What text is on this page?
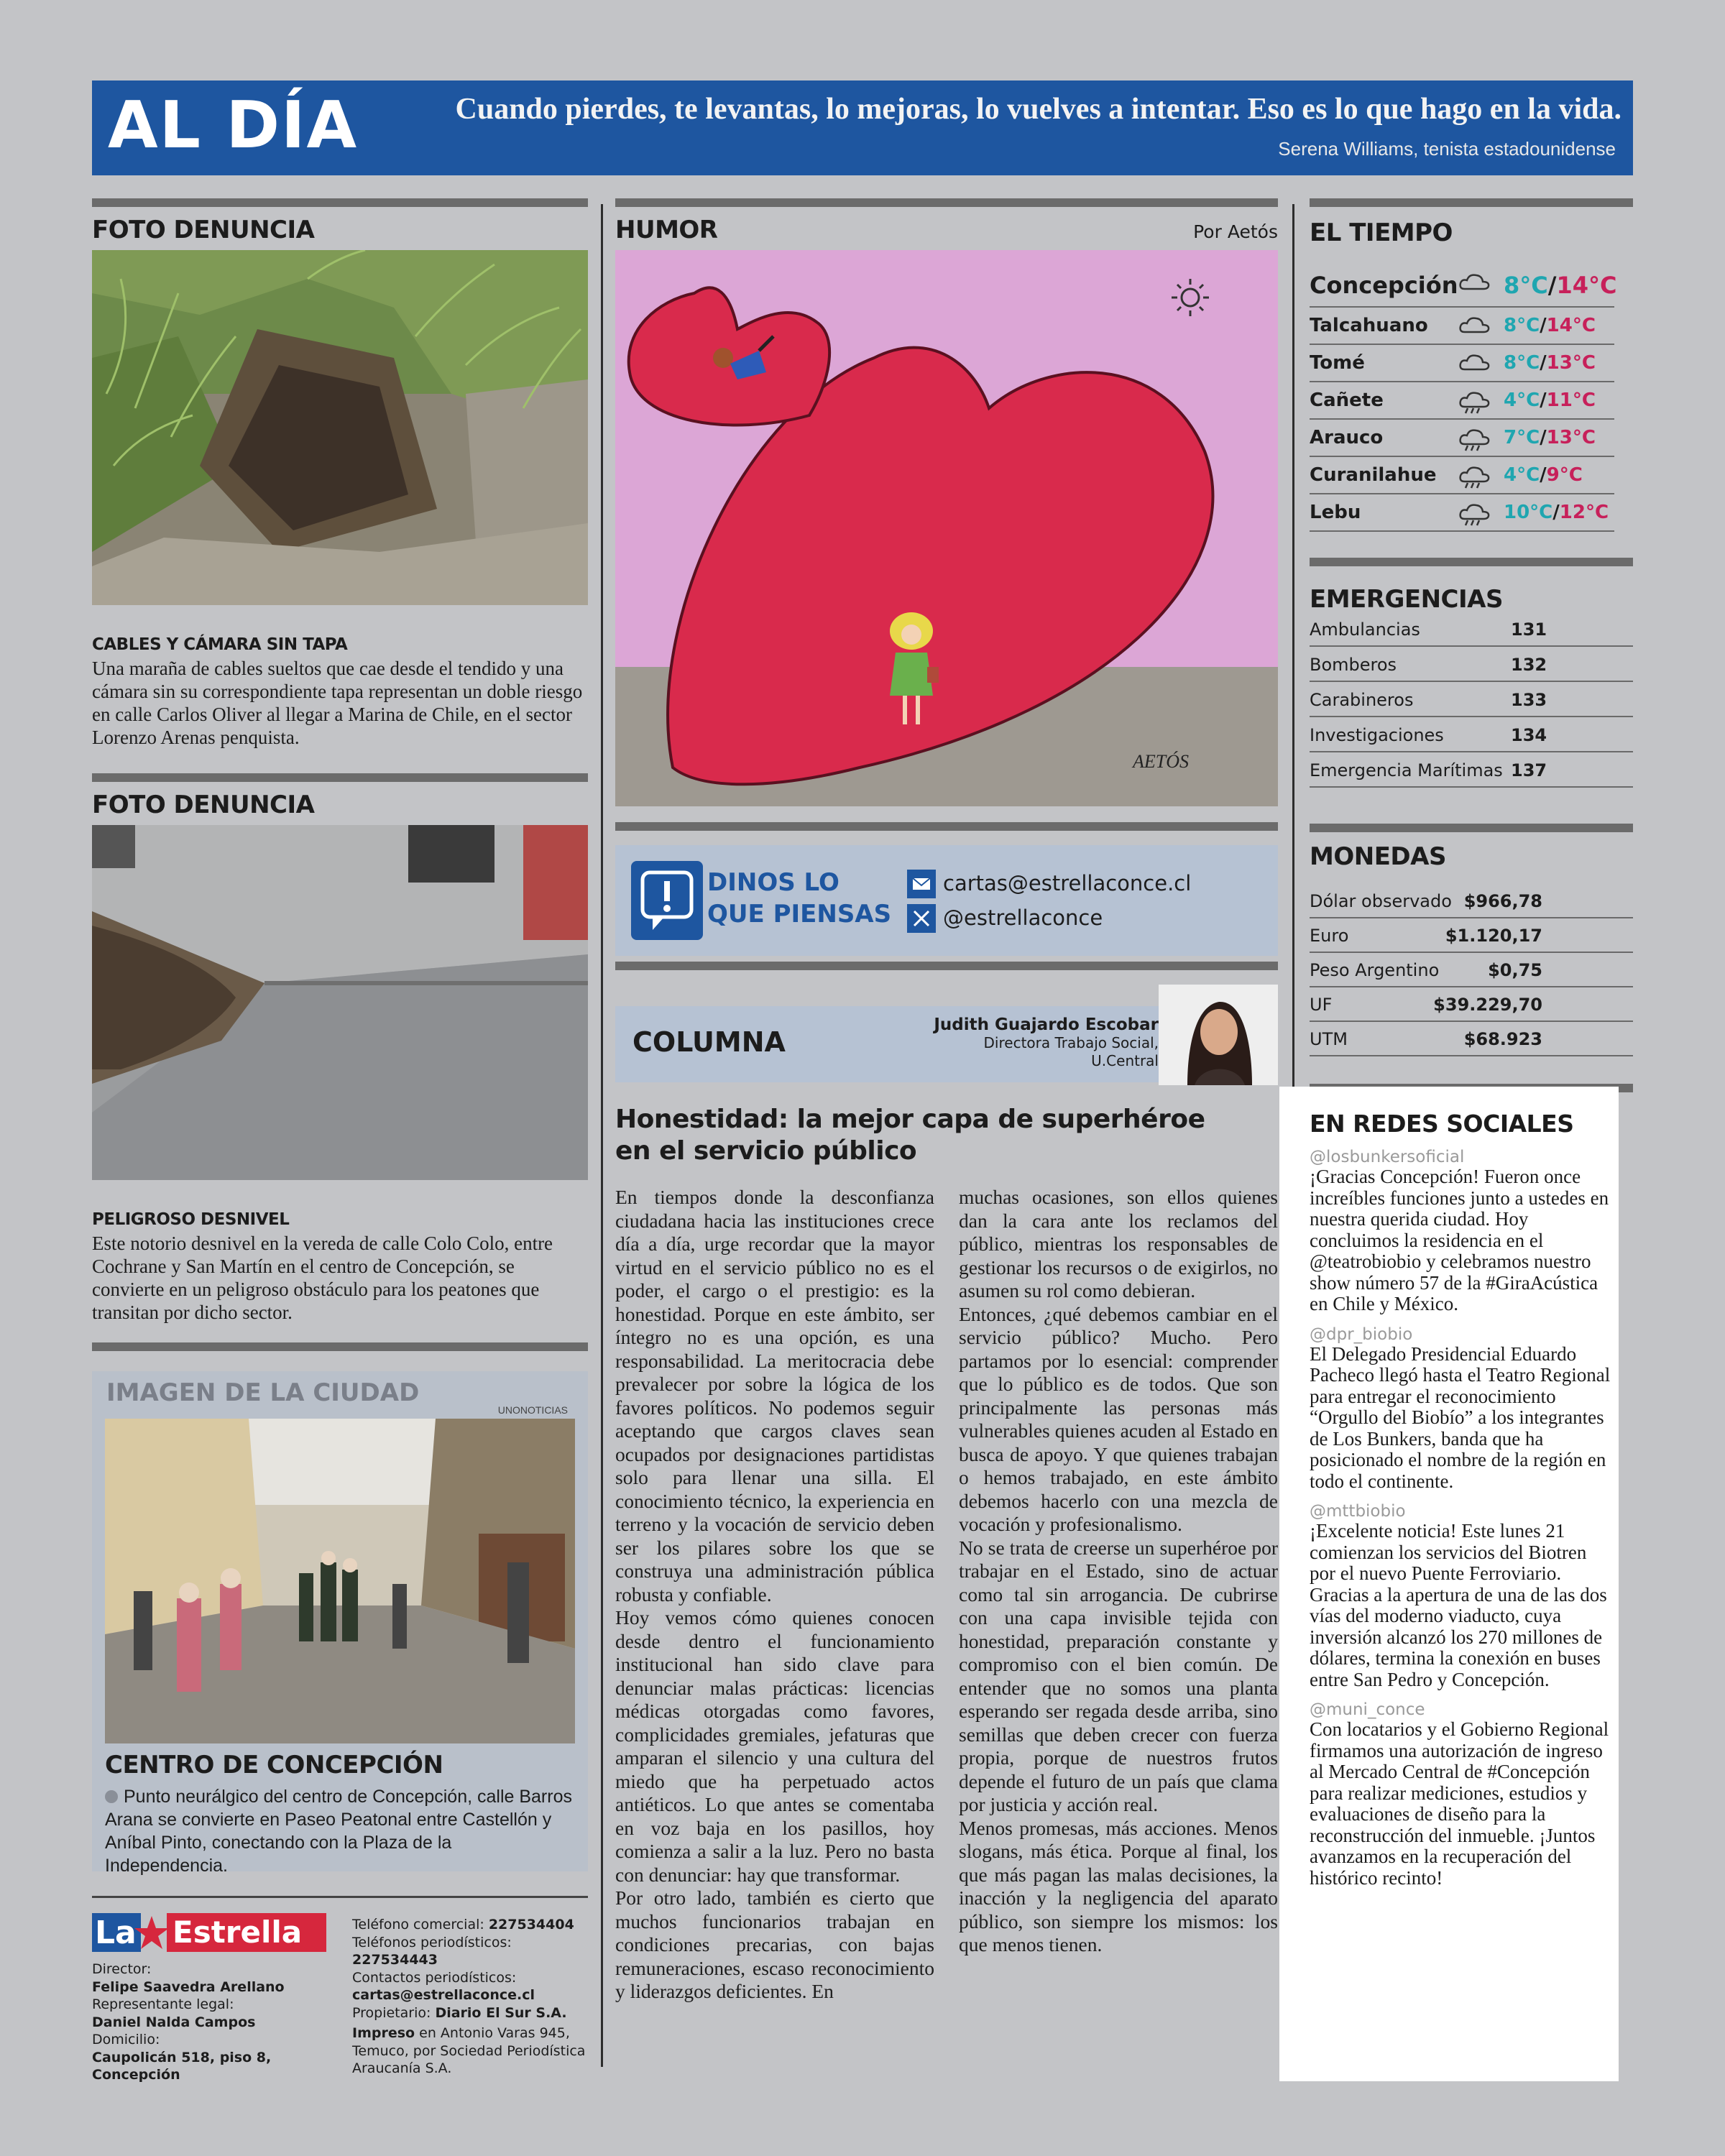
AL DÍA	Cuando pierdes, te levantas, lo mejoras, lo vuelves a intentar. Eso es lo que hago en la vida.
Serena Williams, tenista estadounidense
FOTO DENUNCIA
CABLES Y CÁMARA SIN TAPA
Una maraña de cables sueltos que cae desde el tendido y una cámara sin su correspondiente tapa representan un doble riesgo en calle Carlos Oliver al llegar a Marina de Chile, en el sector Lorenzo Arenas penquista.
FOTO DENUNCIA
PELIGROSO DESNIVEL
Este notorio desnivel en la vereda de calle Colo Colo, entre Cochrane y San Martín en el centro de Concepción, se convierte en un peligroso obstáculo para los peatones que transitan por dicho sector.
IMAGEN DE LA CIUDAD
UNONOTICIAS
CENTRO DE CONCEPCIÓN
Punto neurálgico del centro de Concepción, calle Barros Arana se convierte en Paseo Peatonal entre Castellón y Aníbal Pinto, conectando con la Plaza de la Independencia.
La Estrella
Director:
Felipe Saavedra Arellano
Representante legal:
Daniel Nalda Campos
Domicilio:
Caupolicán 518, piso 8, Concepción
Teléfono comercial: 227534404
Teléfonos periodísticos: 227534443
Contactos periodísticos:
cartas@estrellaconce.cl
Propietario: Diario El Sur S.A.
Impreso en Antonio Varas 945, Temuco, por Sociedad Periodística Araucanía S.A.
HUMOR	Por Aetós
AETÓS
DINOS LO
QUE PIENSAS
cartas@estrellaconce.cl
@estrellaconce
COLUMNA
Judith Guajardo Escobar
Directora Trabajo Social,
U.Central
Honestidad: la mejor capa de superhéroe
en el servicio público

En tiempos donde la desconfianza ciudadana hacia las instituciones crece día a día, urge recordar que la mayor virtud en el servicio público no es el poder, el cargo o el prestigio: es la honestidad. Porque en este ámbito, ser íntegro no es una opción, es una responsabilidad. La meritocracia debe prevalecer por sobre la lógica de los favores políticos. No podemos seguir aceptando que cargos claves sean ocupados por designaciones partidistas solo para llenar una silla. El conocimiento técnico, la experiencia en terreno y la vocación de servicio deben ser los pilares sobre los que se construya una administración pública robusta y confiable.

Hoy vemos cómo quienes conocen desde dentro el funcionamiento institucional han sido clave para denunciar malas prácticas: licencias médicas otorgadas como favores, complicidades gremiales, jefaturas que amparan el silencio y una cultura del miedo que ha perpetuado actos antiéticos. Lo que antes se comentaba en voz baja en los pasillos, hoy comienza a salir a la luz. Pero no basta con denunciar: hay que transformar.

Por otro lado, también es cierto que muchos funcionarios trabajan en condiciones precarias, con bajas remuneraciones, escaso reconocimiento y liderazgos deficientes. En

muchas ocasiones, son ellos quienes dan la cara ante los reclamos del público, mientras los responsables de gestionar los recursos o de exigirlos, no asumen su rol como debieran.

Entonces, ¿qué debemos cambiar en el servicio público? Mucho. Pero partamos por lo esencial: comprender que lo público es de todos. Que son principalmente las personas más vulnerables quienes acuden al Estado en busca de apoyo. Y que quienes trabajan o hemos trabajado, en este ámbito debemos hacerlo con una mezcla de vocación y profesionalismo.

No se trata de creerse un superhéroe por trabajar en el Estado, sino de actuar como tal sin arrogancia. De cubrirse con una capa invisible tejida con honestidad, preparación constante y compromiso con el bien común. De entender que no somos una planta esperando ser regada desde arriba, sino semillas que deben crecer con fuerza propia, porque de nuestros frutos depende el futuro de un país que clama por justicia y acción real.

Menos promesas, más acciones. Menos slogans, más ética. Porque al final, los que más pagan las malas decisiones, la inacción y la negligencia del aparato público, son siempre los mismos: los que menos tienen.

EL TIEMPO
Concepción 8°C/14°C
Talcahuano	8°C/14°C
Tomé	8°C/13°C
Cañete	4°C/11°C
Arauco	7°C/13°C
Curanilahue	4°C/9°C
Lebu	10°C/12°C
EMERGENCIAS
Ambulancias	131
Bomberos	132
Carabineros	133
Investigaciones	134
Emergencia Marítimas 137
MONEDAS
Dólar observado $966,78
Euro	$1.120,17
Peso Argentino	$0,75
UF	$39.229,70
UTM	$68.923
EN REDES SOCIALES
@losbunkersoficial
¡Gracias Concepción! Fueron once increíbles funciones junto a ustedes en nuestra querida ciudad. Hoy concluimos la residencia en el @teatrobiobio y celebramos nuestro show número 57 de la #GiraAcústica en Chile y México.
@dpr_biobio
El Delegado Presidencial Eduardo Pacheco llegó hasta el Teatro Regional para entregar el reconocimiento “Orgullo del Biobío” a los integrantes de Los Bunkers, banda que ha posicionado el nombre de la región en todo el continente.
@mttbiobio
¡Excelente noticia! Este lunes 21 comienzan los servicios del Biotren por el nuevo Puente Ferroviario. Gracias a la apertura de una de las dos vías del moderno viaducto, cuya inversión alcanzó los 270 millones de dólares, termina la conexión en buses entre San Pedro y Concepción.
@muni_conce
Con locatarios y el Gobierno Regional firmamos una autorización de ingreso al Mercado Central de #Concepción para realizar mediciones, estudios y evaluaciones de diseño para la reconstrucción del inmueble. ¡Juntos avanzamos en la recuperación del histórico recinto!
